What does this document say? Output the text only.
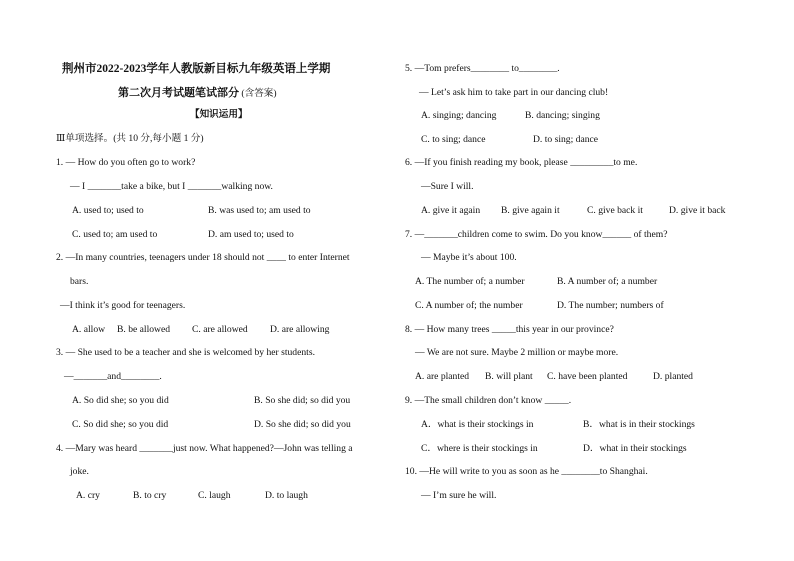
荆州市2022-2023学年人教版新目标九年级英语上学期
第二次月考试题笔试部分 (含答案)
【知识运用】
Ⅲ单项选择。(共 10 分,每小题 1 分)
1. — How do you often go to work?
— I _______take a bike, but I _______walking now.
A. used to; used to	B. was used to; am used to
C. used to; am used to	D. am used to; used to
2. —In many countries, teenagers under 18 should not ____ to enter Internet
bars.
—I think it’s good for teenagers.
A. allow B. be allowed C. are allowed D. are allowing
3. — She used to be a teacher and she is welcomed by her students.
—_______and________.
A. So did she; so you did	B. So she did; so did you
C. So did she; so you did	D. So she did; so did you
4. —Mary was heard _______just now. What happened?—John was telling a
joke.
A. cry	B. to cry	C. laugh	D. to laugh
5. —Tom prefers________ to________.
— Let’s ask him to take part in our dancing club!
A. singing; dancing	B. dancing; singing
C. to sing; dance	D. to sing; dance
6. —If you finish reading my book, please _________to me.
—Sure I will.
A. give it again B. give again it	C. give back it	D. give it back
7. —_______children come to swim. Do you know______ of them?
— Maybe it’s about 100.
A. The number of; a number	B. A number of; a number
C. A number of; the number	D. The number; numbers of
8. — How many trees _____this year in our province?
— We are not sure. Maybe 2 million or maybe more.
A. are planted B. will plant C. have been planted	D. planted
9. —The small children don’t know _____.
A．what is their stockings in	B．what is in their stockings
C．where is their stockings in	D．what in their stockings
10. —He will write to you as soon as he ________to Shanghai.
— I’m sure he will.
